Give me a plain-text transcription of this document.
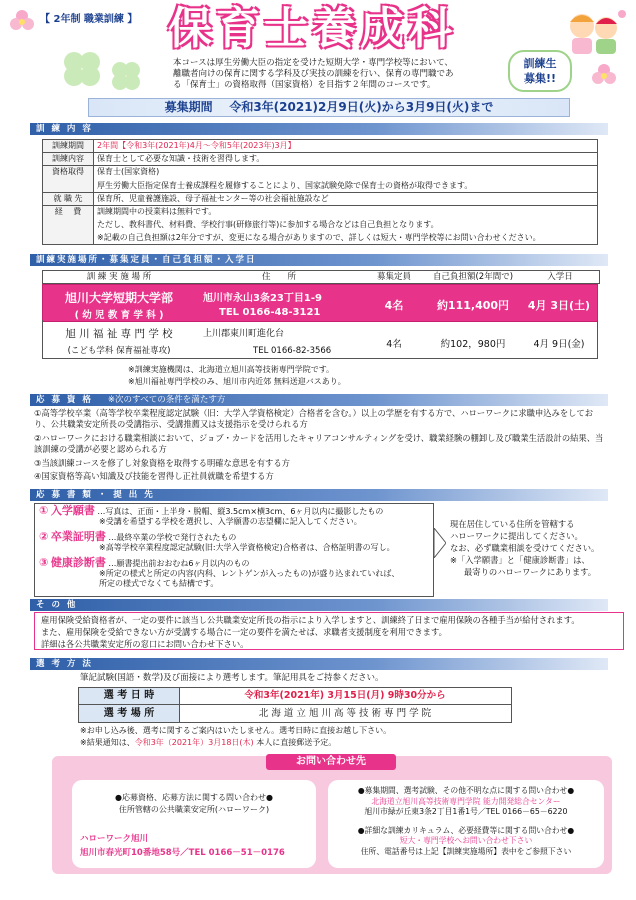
【 2年制 職業訓練 】 保育士養成科
本コースは厚生労働大臣の指定を受けた短期大学・専門学校等において、離職者向けの保育に関する学科及び実技の訓練を行い、保育の専門職である「保育士」の資格取得（国家資格）を目指す２年間のコースです。
訓練生
募集!!
募集期間 令和3年(2021)2月9日(火)から3月9日(火)まで
訓 練 内 容
訓練期間	2年間【令和3年(2021年)4月～令和5年(2023年)3月】
訓練内容	保育士として必要な知識・技術を習得します。
資格取得	保育士(国家資格)
厚生労働大臣指定保育士養成課程を履修することにより、国家試験免除で保育士の資格が取得できます。

就 職 先	保育所、児童養護施設、母子福祉センター等の社会福祉施設など
経　 費	訓練期間中の授業料は無料です。
ただし、教科書代、材料費、学校行事(研修旅行等)に参加する場合などは自己負担となります。
※記載の自己負担額は2年分ですが、変更になる場合がありますので、詳しくは短大・専門学校等にお問い合わせください。
訓練実施場所・募集定員・自己負担額・入学日
訓 練 実 施 場 所	住　　所	募集定員	自己負担額(2年間で)	入学日
旭川大学短期大学部
( 幼 児 教 育 学 科 )
旭川市永山3条23丁目1-9
TEL 0166-48-3121
4名	約111,400円	4月 3日(土)
旭 川 福 祉 専 門 学 校
(こども学科 保育福祉専攻)
上川郡東川町進化台
TEL 0166-82-3566
4名	約102，980円	4月 9日(金)
※訓練実施機関は、北海道立旭川高等技術専門学院です。
※旭川福祉専門学校のみ、旭川市内近郊 無料送迎バスあり。
応 募 資 格 ※次のすべての条件を満たす方
①高等学校卒業（高等学校卒業程度認定試験（旧：大学入学資格検定）合格者を含む。）以上の学歴を有する方で、ハローワークに求職申込みをしており、公共職業安定所長の受講指示、受講推薦又は支援指示を受けられる方
②ハローワークにおける職業相談において、ジョブ・カードを活用したキャリアコンサルティングを受け、職業経験の棚卸し及び職業生活設計の結果、当該訓練の受講が必要と認められる方
③当該訓練コースを修了し対象資格を取得する明確な意思を有する方
④国家資格等高い知識及び技能を習得し正社員就職を希望する方
応 募 書 類 ・ 提 出 先
① 入学願書 …写真は、正面・上半身・脱帽、縦3.5cm×横3cm、6ヶ月以内に撮影したもの
※受講を希望する学校を選択し、入学願書の志望欄に記入してください。
② 卒業証明書 …最終卒業の学校で発行されたもの
※高等学校卒業程度認定試験(旧:大学入学資格検定)合格者は、合格証明書の写し。
③ 健康診断書 …願書提出前おおむね6ヶ月以内のもの
※所定の様式と所定の内容(内科、レントゲンが入ったもの)が盛り込まれていれば、
所定の様式でなくても結構です。
現在居住している住所を管轄する
ハローワークに提出してください。
なお、必ず職業相談を受けてください。
※「入学願書」と「健康診断書」は、
最寄りのハローワークにあります。
そ の 他
雇用保険受給資格者が、一定の要件に該当し公共職業安定所長の指示により入学しますと、訓練終了日まで雇用保険の各種手当が給付されます。
また、雇用保険を受給できない方が受講する場合に一定の要件を満たせば、求職者支援制度を利用できます。
詳細は各公共職業安定所の窓口にお問い合わせ下さい。
選 考 方 法
筆記試験(国語・数学)及び面接により選考します。筆記用具をご持参ください。
選 考 日 時	令和3年(2021年) 3月15日(月) 9時30分から
選 考 場 所	北 海 道 立 旭 川 高 等 技 術 専 門 学 院
※お申し込み後、選考に関するご案内はいたしません。選考日時に直接お越し下さい。
※結果通知は、令和3年（2021年）3月18日(木) 本人に直接郵送予定。
お問い合わせ先
●応募資格、応募方法に関する問い合わせ●
住所管轄の公共職業安定所(ハローワーク)
ハローワーク旭川
旭川市春光町10番地58号／TEL 0166－51－0176
●募集期間、選考試験、その他不明な点に関する問い合わせ●
北海道立旭川高等技術専門学院 能力開発総合センター
旭川市緑が丘東3条2丁目1番1号／TEL 0166－65－6220
●詳細な訓練カリキュラム、必要経費等に関する問い合わせ●
短大・専門学校へお問い合わせ下さい
住所、電話番号は上記【訓練実施場所】表中をご参照下さい
